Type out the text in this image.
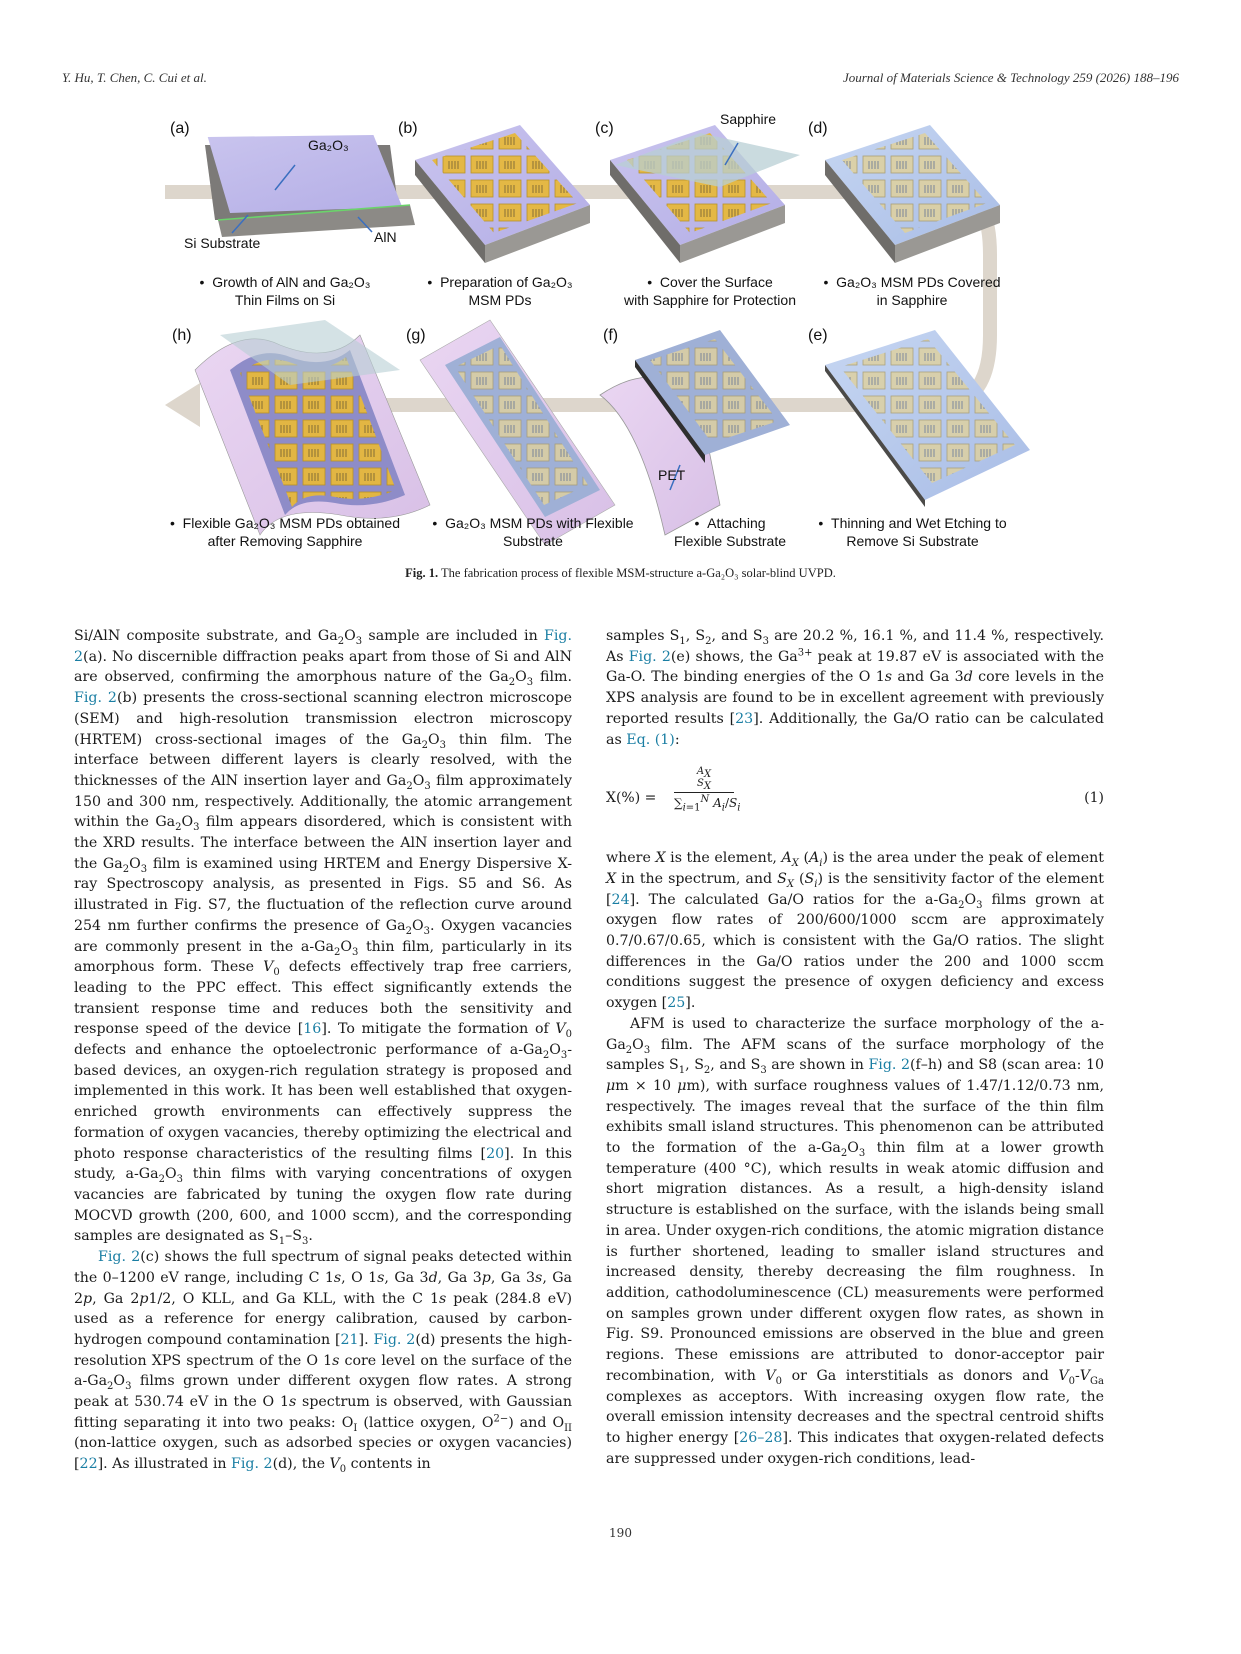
Y. Hu, T. Chen, C. Cui et al.	Journal of Materials Science & Technology 259 (2026) 188–196
(a)	(b)	(c)	(d)
(e)
(f)
(g)
(h)
Ga₂O₃
Si Substrate	AlN
Sapphire
PET
•  Growth of AlN and Ga₂O₃
Thin Films on Si
•  Preparation of Ga₂O₃
MSM PDs
•  Cover the Surface
with Sapphire for Protection
•  Ga₂O₃ MSM PDs Covered
in Sapphire
•  Flexible Ga₂O₃ MSM PDs obtained
after Removing Sapphire
•  Ga₂O₃ MSM PDs with Flexible
Substrate
•  Attaching
Flexible Substrate
•  Thinning and Wet Etching to
Remove Si Substrate
Fig. 1. The fabrication process of flexible MSM-structure a-Ga₂O₃ solar-blind UVPD.

Si/AlN composite substrate, and $Ga_2O_3$ sample are included in Fig. 2(a). No discernible diffraction peaks apart from those of Si and AlN are observed, confirming the amorphous nature of the $Ga_2O_3$ film. Fig. 2(b) presents the cross-sectional scanning electron microscope (SEM) and high-resolution transmission electron microscopy (HRTEM) cross-sectional images of the $Ga_2O_3$ thin film. The interface between different layers is clearly resolved, with the thicknesses of the AlN insertion layer and $Ga_2O_3$ film approximately 150 and 300 nm, respectively. Additionally, the atomic arrangement within the $Ga_2O_3$ film appears disordered, which is consistent with the XRD results. The interface between the AlN insertion layer and the $Ga_2O_3$ film is examined using HRTEM and Energy Dispersive X-ray Spectroscopy analysis, as presented in Figs. S5 and S6. As illustrated in Fig. S7, the fluctuation of the reflection curve around 254 nm further confirms the presence of $Ga_2O_3$. Oxygen vacancies are commonly present in the $a-Ga_2O_3$ thin film, particularly in its amorphous form. These $V_0$ defects effectively trap free carriers, leading to the PPC effect. This effect significantly extends the transient response time and reduces both the sensitivity and response speed of the device [16]. To mitigate the formation of $V_0$ defects and enhance the optoelectronic performance of $a-Ga_2O_3$-based devices, an oxygen-rich regulation strategy is proposed and implemented in this work. It has been well established that oxygen-enriched growth environments can effectively suppress the formation of oxygen vacancies, thereby optimizing the electrical and photo response characteristics of the resulting films [20]. In this study, $a-Ga_2O_3$ thin films with varying concentrations of oxygen vacancies are fabricated by tuning the oxygen flow rate during MOCVD growth (200, 600, and 1000 sccm), and the corresponding samples are designated as $S_1-S_3$.

Fig. 2(c) shows the full spectrum of signal peaks detected within the 0–1200 eV range, including C 1s, O 1s, Ga 3d, Ga 3p, Ga 3s, Ga 2p, Ga 2p1/2, O KLL, and Ga KLL, with the C 1s peak (284.8 eV) used as a reference for energy calibration, caused by carbon-hydrogen compound contamination [21]. Fig. 2(d) presents the high-resolution XPS spectrum of the O 1s core level on the surface of the $a-Ga_2O_3$ films grown under different oxygen flow rates. A strong peak at 530.74 eV in the O 1s spectrum is observed, with Gaussian fitting separating it into two peaks: $O_I$ (lattice oxygen, $O^{2-}$) and $O_{II}$ (non-lattice oxygen, such as adsorbed species or oxygen vacancies) [22]. As illustrated in Fig. 2(d), the $V_0$ contents in

samples $S_1$, $S_2$, and $S_3$ are 20.2 %, 16.1 %, and 11.4 %, respectively. As Fig. 2(e) shows, the $Ga^{3+}$ peak at 19.87 eV is associated with the Ga-O. The binding energies of the O 1s and Ga 3d core levels in the XPS analysis are found to be in excellent agreement with previously reported results [23]. Additionally, the Ga/O ratio can be calculated as Eq. (1):

X(%) =
$A_X$
$S_X$
$\sum_{i=1}^N$ $A_i/S_i$
(1)

where X is the element, $A_X$ $(A_i)$ is the area under the peak of element X in the spectrum, and $S_X$ $(S_i)$ is the sensitivity factor of the element [24]. The calculated Ga/O ratios for the $a-Ga_2O_3$ films grown at oxygen flow rates of 200/600/1000 sccm are approximately 0.7/0.67/0.65, which is consistent with the Ga/O ratios. The slight differences in the Ga/O ratios under the 200 and 1000 sccm conditions suggest the presence of oxygen deficiency and excess oxygen [25].

AFM is used to characterize the surface morphology of the $a-Ga_2O_3$ film. The AFM scans of the surface morphology of the samples $S_1$, $S_2$, and $S_3$ are shown in Fig. 2(f–h) and S8 (scan area: 10 μm × 10 μm), with surface roughness values of 1.47/1.12/0.73 nm, respectively. The images reveal that the surface of the thin film exhibits small island structures. This phenomenon can be attributed to the formation of the $a-Ga_2O_3$ thin film at a lower growth temperature (400 °C), which results in weak atomic diffusion and short migration distances. As a result, a high-density island structure is established on the surface, with the islands being small in area. Under oxygen-rich conditions, the atomic migration distance is further shortened, leading to smaller island structures and increased density, thereby decreasing the film roughness. In addition, cathodoluminescence (CL) measurements were performed on samples grown under different oxygen flow rates, as shown in Fig. S9. Pronounced emissions are observed in the blue and green regions. These emissions are attributed to donor-acceptor pair recombination, with $V_0$ or Ga interstitials as donors and $V_0-V_{Ga}$ complexes as acceptors. With increasing oxygen flow rate, the overall emission intensity decreases and the spectral centroid shifts to higher energy [26–28]. This indicates that oxygen-related defects are suppressed under oxygen-rich conditions, lead-

190
